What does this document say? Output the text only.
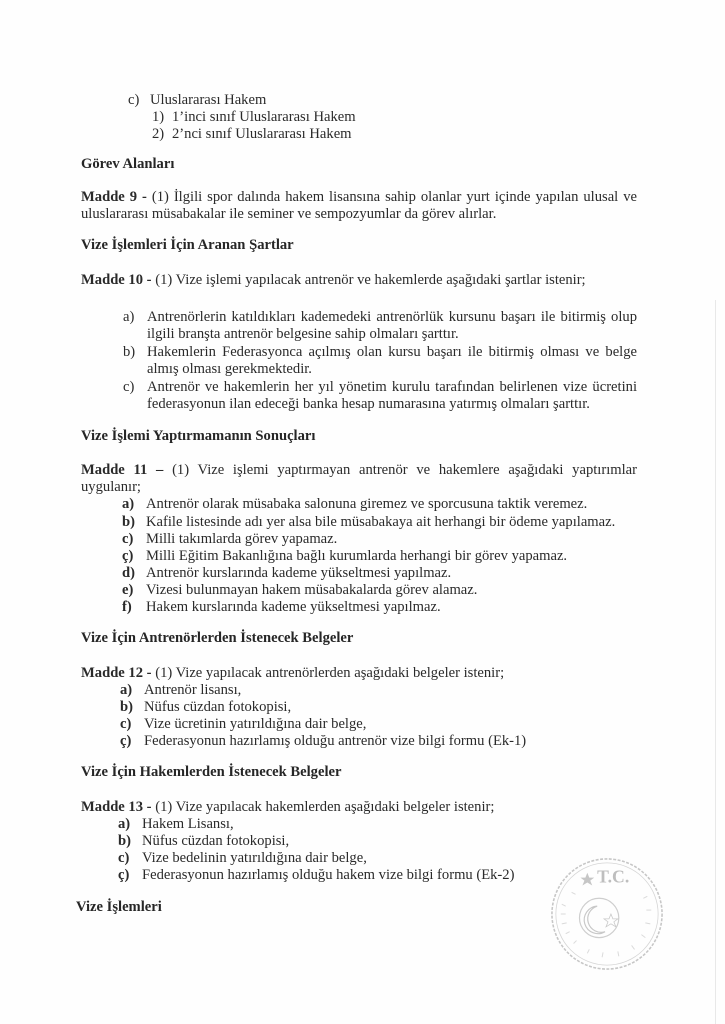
c) Uluslararası Hakem
1) 1’inci sınıf Uluslararası Hakem
2) 2’nci sınıf Uluslararası Hakem
Görev Alanları
Madde 9 - (1) İlgili spor dalında hakem lisansına sahip olanlar yurt içinde yapılan ulusal ve uluslararası müsabakalar ile seminer ve sempozyumlar da görev alırlar.
Vize İşlemleri İçin Aranan Şartlar
Madde 10 - (1) Vize işlemi yapılacak antrenör ve hakemlerde aşağıdaki şartlar istenir;
a) Antrenörlerin katıldıkları kademedeki antrenörlük kursunu başarı ile bitirmiş olup ilgili branşta antrenör belgesine sahip olmaları şarttır.
b) Hakemlerin Federasyonca açılmış olan kursu başarı ile bitirmiş olması ve belge almış olması gerekmektedir.
c) Antrenör ve hakemlerin her yıl yönetim kurulu tarafından belirlenen vize ücretini federasyonun ilan edeceği banka hesap numarasına yatırmış olmaları şarttır.
Vize İşlemi Yaptırmamanın Sonuçları
Madde 11 – (1) Vize işlemi yaptırmayan antrenör ve hakemlere aşağıdaki yaptırımlar uygulanır;
a) Antrenör olarak müsabaka salonuna giremez ve sporcusuna taktik veremez.
b) Kafile listesinde adı yer alsa bile müsabakaya ait herhangi bir ödeme yapılamaz.
c) Milli takımlarda görev yapamaz.
ç) Milli Eğitim Bakanlığına bağlı kurumlarda herhangi bir görev yapamaz.
d) Antrenör kurslarında kademe yükseltmesi yapılmaz.
e) Vizesi bulunmayan hakem müsabakalarda görev alamaz.
f) Hakem kurslarında kademe yükseltmesi yapılmaz.
Vize İçin Antrenörlerden İstenecek Belgeler
Madde 12 - (1) Vize yapılacak antrenörlerden aşağıdaki belgeler istenir;
a) Antrenör lisansı,
b) Nüfus cüzdan fotokopisi,
c) Vize ücretinin yatırıldığına dair belge,
ç) Federasyonun hazırlamış olduğu antrenör vize bilgi formu (Ek-1)
Vize İçin Hakemlerden İstenecek Belgeler
Madde 13 - (1) Vize yapılacak hakemlerden aşağıdaki belgeler istenir;
a) Hakem Lisansı,
b) Nüfus cüzdan fotokopisi,
c) Vize bedelinin yatırıldığına dair belge,
ç) Federasyonun hazırlamış olduğu hakem vize bilgi formu (Ek-2)
Vize İşlemleri
T.C.
